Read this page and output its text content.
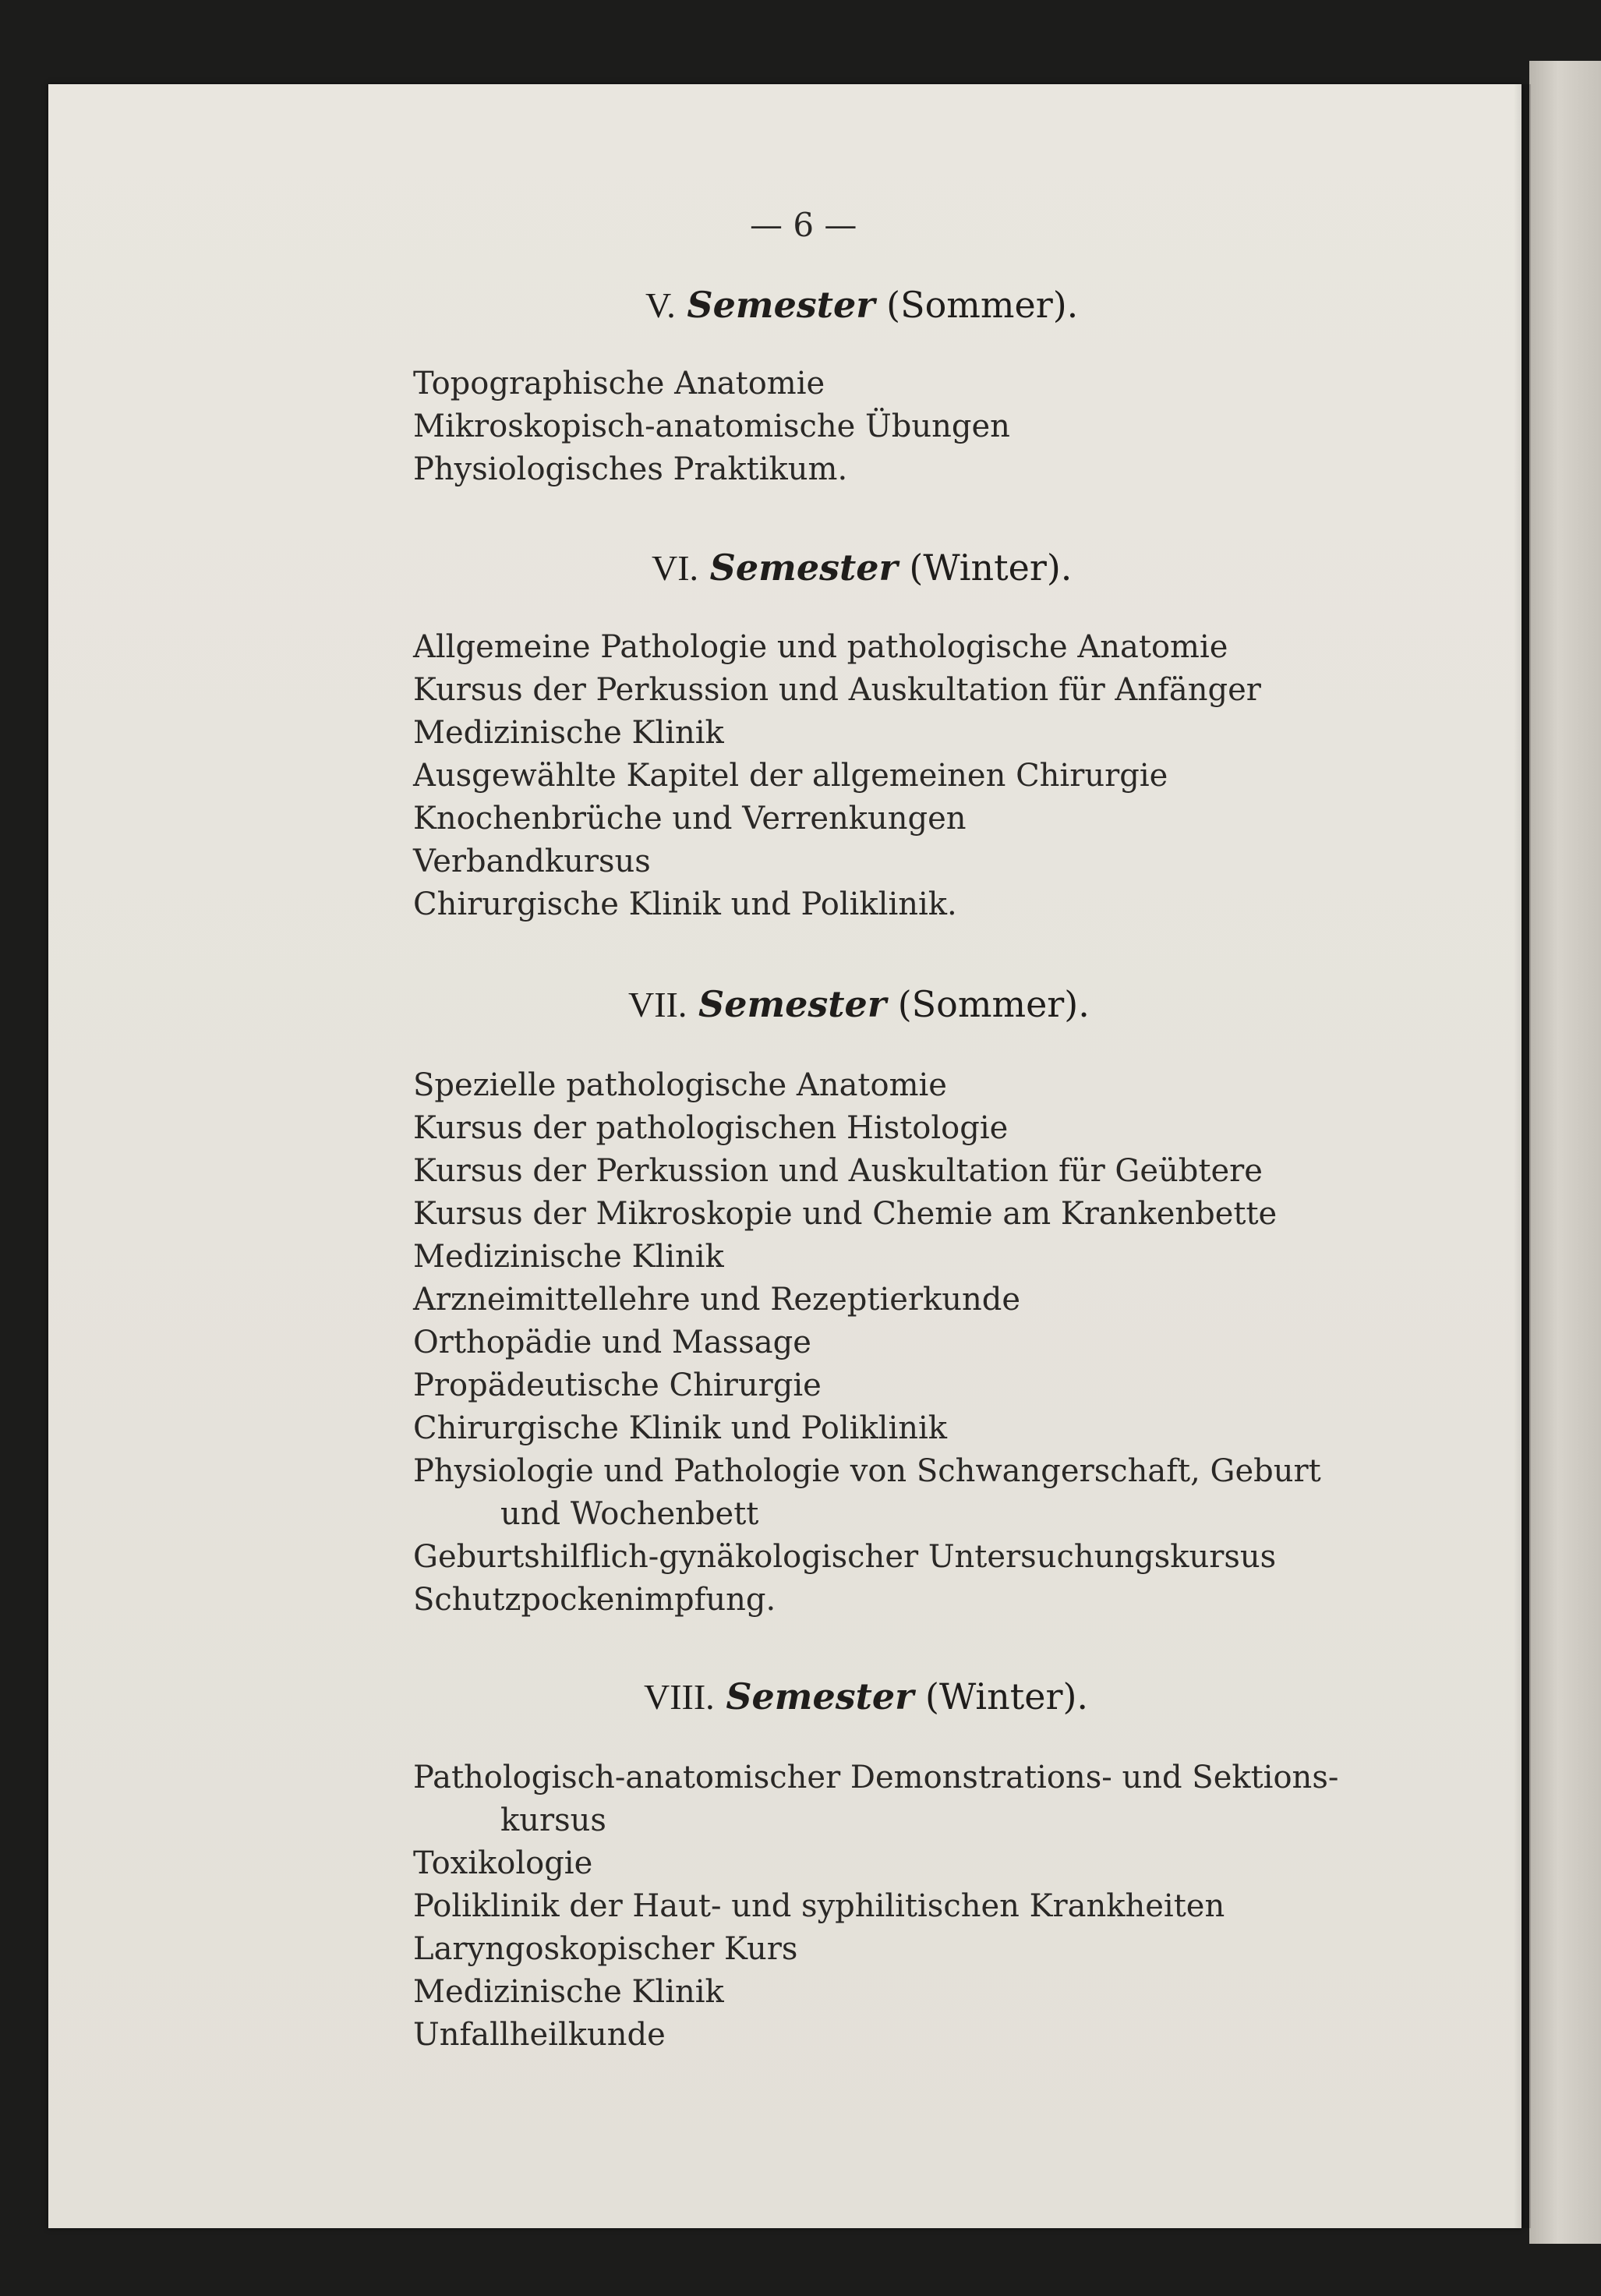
— 6 —
V. Semester (Sommer).
Topographische Anatomie
Mikroskopisch-anatomische Übungen
Physiologisches Praktikum.
VI. Semester (Winter).
Allgemeine Pathologie und pathologische Anatomie
Kursus der Perkussion und Auskultation für Anfänger
Medizinische Klinik
Ausgewählte Kapitel der allgemeinen Chirurgie
Knochenbrüche und Verrenkungen
Verbandkursus
Chirurgische Klinik und Poliklinik.
VII. Semester (Sommer).
Spezielle pathologische Anatomie
Kursus der pathologischen Histologie
Kursus der Perkussion und Auskultation für Geübtere
Kursus der Mikroskopie und Chemie am Krankenbette
Medizinische Klinik
Arzneimittellehre und Rezeptierkunde
Orthopädie und Massage
Propädeutische Chirurgie
Chirurgische Klinik und Poliklinik
Physiologie und Pathologie von Schwangerschaft, Geburt
und Wochenbett
Geburtshilflich-gynäkologischer Untersuchungskursus
Schutzpockenimpfung.
VIII. Semester (Winter).
Pathologisch-anatomischer Demonstrations- und Sektions-
kursus
Toxikologie
Poliklinik der Haut- und syphilitischen Krankheiten
Laryngoskopischer Kurs
Medizinische Klinik
Unfallheilkunde
